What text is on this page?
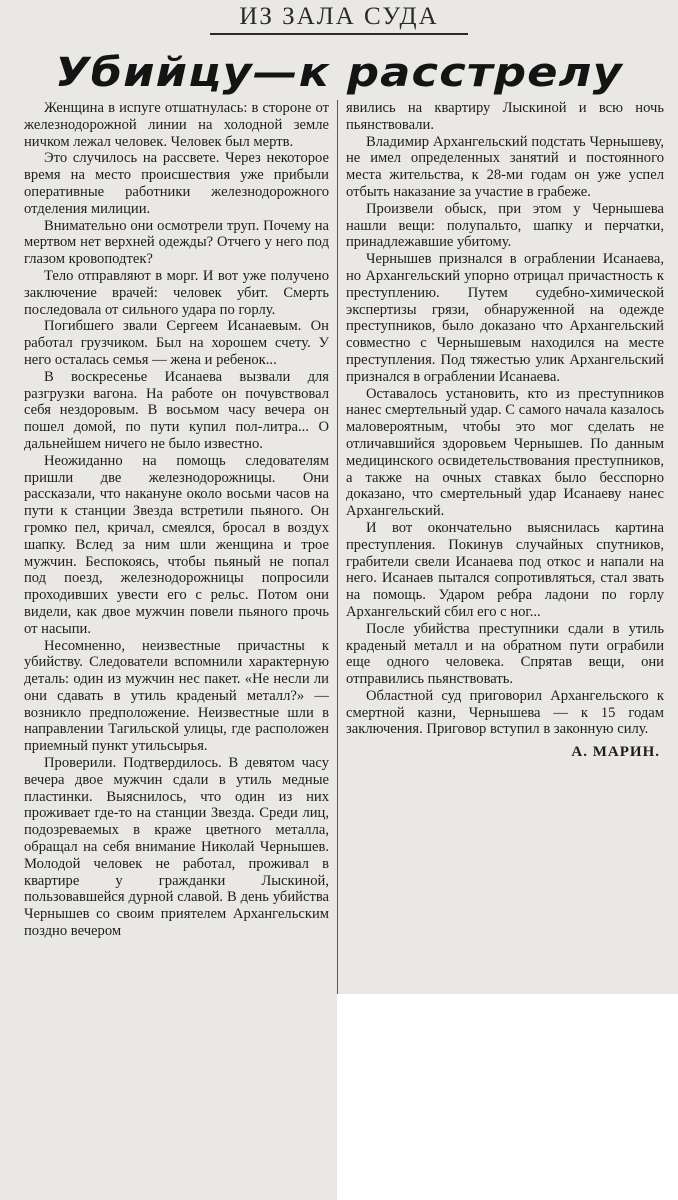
ИЗ ЗАЛА СУДА
Убийцу—к расстрелу

Женщина в испуге отшатнулась: в стороне от железнодорожной линии на холодной земле ничком лежал человек. Человек был мертв.

Это случилось на рассвете. Через некоторое время на место происшествия уже прибыли оперативные работники железнодорожного отделения милиции.

Внимательно они осмотрели труп. Почему на мертвом нет верхней одежды? Отчего у него под глазом кровоподтек?

Тело отправляют в морг. И вот уже получено заключение врачей: человек убит. Смерть последовала от сильного удара по горлу.

Погибшего звали Сергеем Исанаевым. Он работал грузчиком. Был на хорошем счету. У него осталась семья — жена и ребенок...

В воскресенье Исанаева вызвали для разгрузки вагона. На работе он почувствовал себя нездоровым. В восьмом часу вечера он пошел домой, по пути купил пол-литра... О дальнейшем ничего не было известно.

Неожиданно на помощь следователям пришли две железнодорожницы. Они рассказали, что накануне около восьми часов на пути к станции Звезда встретили пьяного. Он громко пел, кричал, смеялся, бросал в воздух шапку. Вслед за ним шли женщина и трое мужчин. Беспокоясь, чтобы пьяный не попал под поезд, железнодорожницы попросили проходивших увести его с рельс. Потом они видели, как двое мужчин повели пьяного прочь от насыпи.

Несомненно, неизвестные причастны к убийству. Следователи вспомнили характерную деталь: один из мужчин нес пакет. «Не несли ли они сдавать в утиль краденый металл?» — возникло предположение. Неизвестные шли в направлении Тагильской улицы, где расположен приемный пункт утильсырья.

Проверили. Подтвердилось. В девятом часу вечера двое мужчин сдали в утиль медные пластинки. Выяснилось, что один из них проживает где-то на станции Звезда. Среди лиц, подозреваемых в краже цветного металла, обращал на себя внимание Николай Чернышев. Молодой человек не работал, проживал в квартире у гражданки Лыскиной, пользовавшейся дурной славой. В день убийства Чернышев со своим приятелем Архангельским поздно вечером

явились на квартиру Лыскиной и всю ночь пьянствовали.

Владимир Архангельский подстать Чернышеву, не имел определенных занятий и постоянного места жительства, к 28-ми годам он уже успел отбыть наказание за участие в грабеже.

Произвели обыск, при этом у Чернышева нашли вещи: полупальто, шапку и перчатки, принадлежавшие убитому.

Чернышев признался в ограблении Исанаева, но Архангельский упорно отрицал причастность к преступлению. Путем судебно-химической экспертизы грязи, обнаруженной на одежде преступников, было доказано что Архангельский совместно с Чернышевым находился на месте преступления. Под тяжестью улик Архангельский признался в ограблении Исанаева.

Оставалось установить, кто из преступников нанес смертельный удар. С самого начала казалось маловероятным, чтобы это мог сделать не отличавшийся здоровьем Чернышев. По данным медицинского освидетельствования преступников, а также на очных ставках было бесспорно доказано, что смертельный удар Исанаеву нанес Архангельский.

И вот окончательно выяснилась картина преступления. Покинув случайных спутников, грабители свели Исанаева под откос и напали на него. Исанаев пытался сопротивляться, стал звать на помощь. Ударом ребра ладони по горлу Архангельский сбил его с ног...

После убийства преступники сдали в утиль краденый металл и на обратном пути ограбили еще одного человека. Спрятав вещи, они отправились пьянствовать.

Областной суд приговорил Архангельского к смертной казни, Чернышева — к 15 годам заключения. Приговор вступил в законную силу.

А. МАРИН.
